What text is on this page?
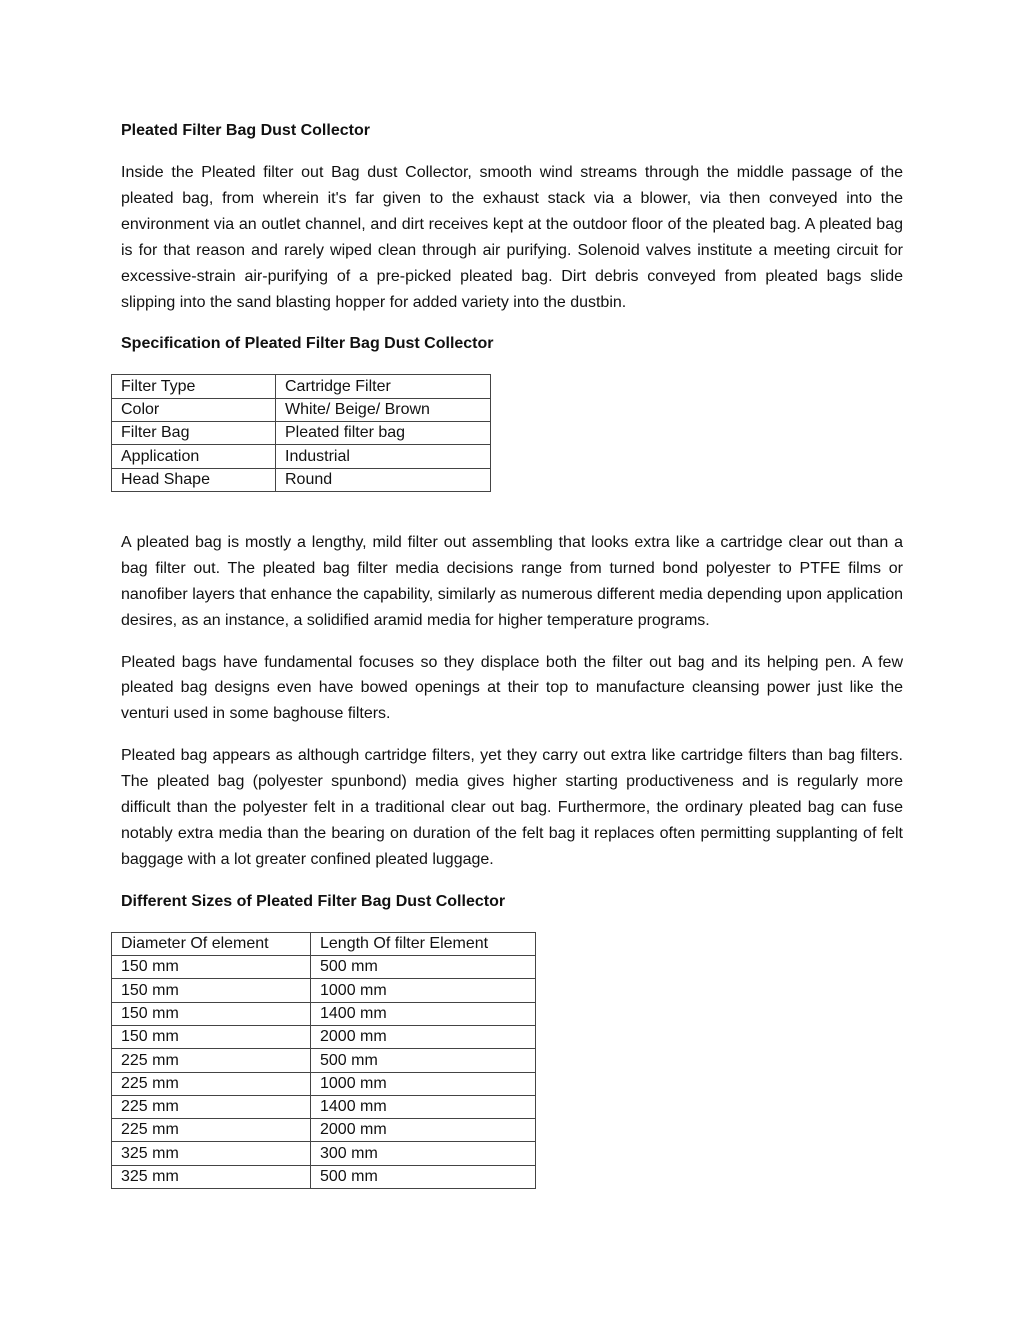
Pleated Filter Bag Dust Collector

Inside the Pleated filter out Bag dust Collector, smooth wind streams through the middle passage of the pleated bag, from wherein it's far given to the exhaust stack via a blower, via then conveyed into the environment via an outlet channel, and dirt receives kept at the outdoor floor of the pleated bag. A pleated bag is for that reason and rarely wiped clean through air purifying. Solenoid valves institute a meeting circuit for excessive-strain air-purifying of a pre-picked pleated bag. Dirt debris conveyed from pleated bags slide slipping into the sand blasting hopper for added variety into the dustbin.

Specification of Pleated Filter Bag Dust Collector

Filter Type	Cartridge Filter
Color	White/ Beige/ Brown
Filter Bag	Pleated filter bag
Application	Industrial
Head Shape	Round

A pleated bag is mostly a lengthy, mild filter out assembling that looks extra like a cartridge clear out than a bag filter out. The pleated bag filter media decisions range from turned bond polyester to PTFE films or nanofiber layers that enhance the capability, similarly as numerous different media depending upon application desires, as an instance, a solidified aramid media for higher temperature programs.

Pleated bags have fundamental focuses so they displace both the filter out bag and its helping pen. A few pleated bag designs even have bowed openings at their top to manufacture cleansing power just like the venturi used in some baghouse filters.

Pleated bag appears as although cartridge filters, yet they carry out extra like cartridge filters than bag filters. The pleated bag (polyester spunbond) media gives higher starting productiveness and is regularly more difficult than the polyester felt in a traditional clear out bag. Furthermore, the ordinary pleated bag can fuse notably extra media than the bearing on duration of the felt bag it replaces often permitting supplanting of felt baggage with a lot greater confined pleated luggage.

Different Sizes of Pleated Filter Bag Dust Collector

Diameter Of element	Length Of filter Element
150 mm	500 mm
150 mm	1000 mm
150 mm	1400 mm
150 mm	2000 mm
225 mm	500 mm
225 mm	1000 mm
225 mm	1400 mm
225 mm	2000 mm
325 mm	300 mm
325 mm	500 mm
